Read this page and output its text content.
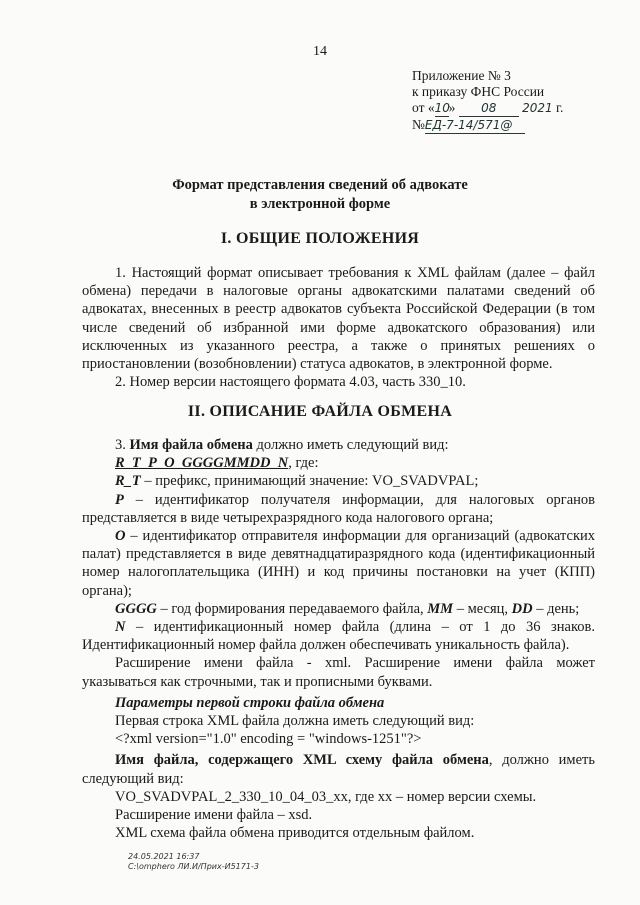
14
Приложение № 3
к приказу ФНС России
от «10» 08 2021 г.
№ЕД-7-14/571@
Формат представления сведений об адвокате
в электронной форме
I. ОБЩИЕ ПОЛОЖЕНИЯ

1. Настоящий формат описывает требования к XML файлам (далее – файл обмена) передачи в налоговые органы адвокатскими палатами сведений об адвокатах, внесенных в реестр адвокатов субъекта Российской Федерации (в том числе сведений об избранной ими форме адвокатского образования) или исключенных из указанного реестра, а также о принятых решениях о приостановлении (возобновлении) статуса адвокатов, в электронной форме.

2. Номер версии настоящего формата 4.03, часть 330_10.

II. ОПИСАНИЕ ФАЙЛА ОБМЕНА

3. Имя файла обмена должно иметь следующий вид:

R_T_P_O_GGGGMMDD_N, где:

R_T – префикс, принимающий значение: VO_SVADVPAL;

P – идентификатор получателя информации, для налоговых органов представляется в виде четырехразрядного кода налогового органа;

O – идентификатор отправителя информации для организаций (адвокатских палат) представляется в виде девятнадцатиразрядного кода (идентификационный номер налогоплательщика (ИНН) и код причины постановки на учет (КПП) органа);

GGGG – год формирования передаваемого файла, MM – месяц, DD – день;

N – идентификационный номер файла (длина – от 1 до 36 знаков. Идентификационный номер файла должен обеспечивать уникальность файла).

Расширение имени файла - xml. Расширение имени файла может указываться как строчными, так и прописными буквами.

Параметры первой строки файла обмена

Первая строка XML файла должна иметь следующий вид:

<?xml version="1.0" encoding = "windows-1251"?>

Имя файла, содержащего XML схему файла обмена, должно иметь следующий вид:

VO_SVADVPAL_2_330_10_04_03_xx, где xx – номер версии схемы.

Расширение имени файла – xsd.

XML схема файла обмена приводится отдельным файлом.

24.05.2021 16:37
C:\omphero ЛИ.И/Приx-И5171-3
